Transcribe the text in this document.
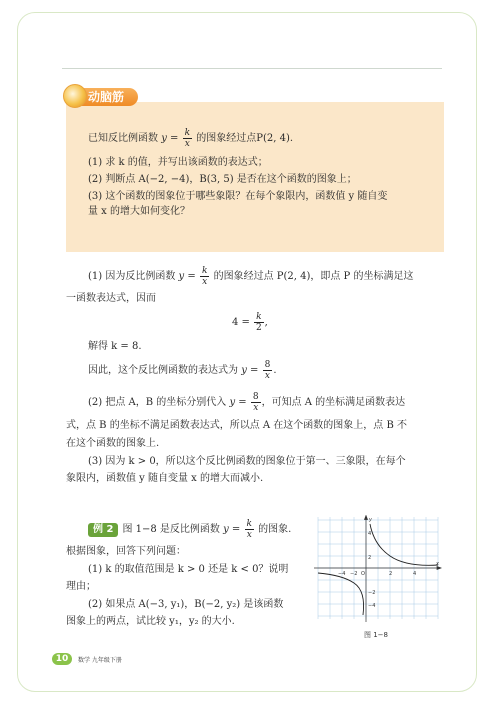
动脑筋
已知反比例函数 $y = \frac{k}{x}$ 的图象经过点P(2, 4).
(1) 求 k 的值，并写出该函数的表达式；
(2) 判断点 A(−2, −4)，B(3, 5) 是否在这个函数的图象上；
(3) 这个函数的图象位于哪些象限？在每个象限内，函数值 y 随自变
量 x 的增大如何变化？
(1) 因为反比例函数 $y = \frac{k}{x}$ 的图象经过点 P(2, 4)，即点 P 的坐标满足这
一函数表达式，因而
$4 = \frac{k}{2}$ ,
解得 k = 8.
因此，这个反比例函数的表达式为 $y = \frac{8}{x}$ .
(2) 把点 A，B 的坐标分别代入 $y = \frac{8}{x}$ ，可知点 A 的坐标满足函数表达
式，点 B 的坐标不满足函数表达式，所以点 A 在这个函数的图象上，点 B 不
在这个函数的图象上.
(3) 因为 k > 0，所以这个反比例函数的图象位于第一、三象限，在每个
象限内，函数值 y 随自变量 x 的增大而减小.
例 2 图 1−8 是反比例函数 $y = \frac{k}{x}$ 的图象.
根据图象，回答下列问题：
(1) k 的取值范围是 k > 0 还是 k < 0？说明
理由；
(2) 如果点 A(−3, y₁)，B(−2, y₂) 是该函数
图象上的两点，试比较 y₁，y₂ 的大小.
−4 −2 O	2	4
4
2
−2
−4
x
y
图 1−8
10	数学 九年级下册
